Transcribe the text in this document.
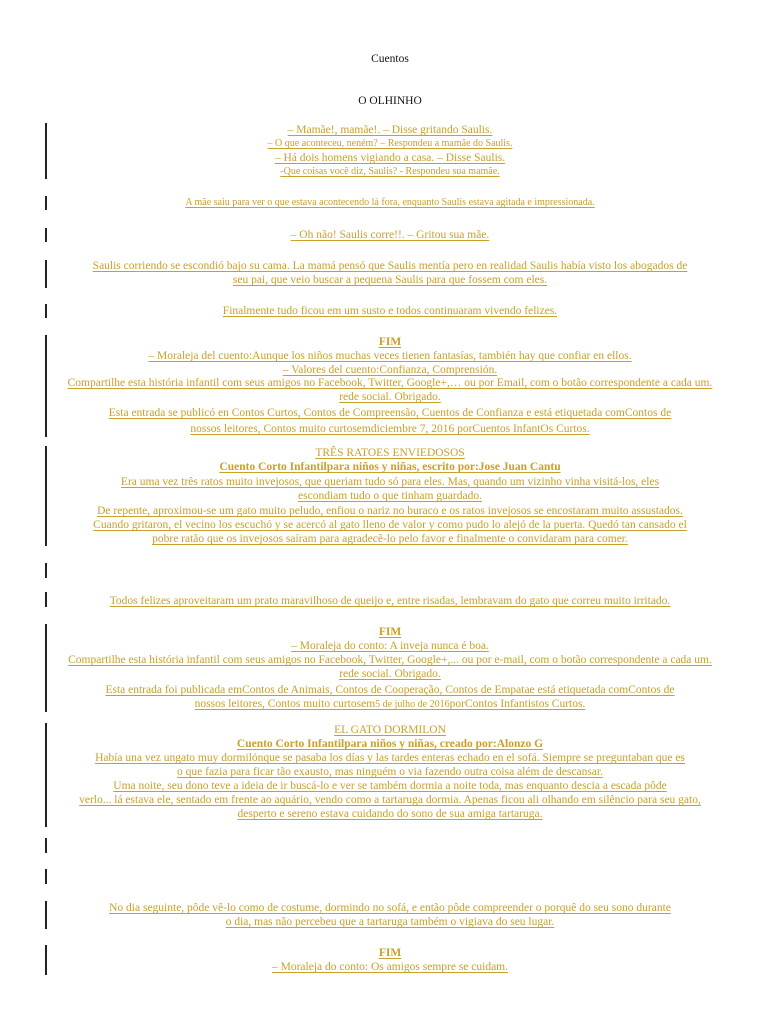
Cuentos
O OLHINHO
– Mamãe!, mamãe!. – Disse gritando Saulis.
– O que aconteceu, neném? – Respondeu a mamãe do Saulis.
– Há dois homens vigiando a casa. – Disse Saulis.
-Que coisas você diz, Saulis? - Respondeu sua mamãe.
A mãe saiu para ver o que estava acontecendo lá fora, enquanto Saulis estava agitada e impressionada.
– Oh não! Saulis corre!!. – Gritou sua mãe.
Saulis corriendo se escondió bajo su cama. La mamá pensó que Saulis mentía pero en realidad Saulis había visto los abogados de
seu pai, que veio buscar a pequena Saulis para que fossem com eles.
Finalmente tudo ficou em um susto e todos continuaram vivendo felizes.
FIM
– Moraleja del cuento:Aunque los niños muchas veces tienen fantasías, también hay que confiar en ellos.
– Valores del cuento:Confianza, Comprensión.
Compartilhe esta história infantil com seus amigos no Facebook, Twitter, Google+,… ou por Email, com o botão correspondente a cada um.
rede social. Obrigado.
Esta entrada se publicó en Contos Curtos, Contos de Compreensão, Cuentos de Confianza e está etiquetada comContos de
nossos leitores, Contos muito curtosemdiciembre 7, 2016 porCuentos InfantOs Curtos.
TRÊS RATOES ENVIEDOSOS
Cuento Corto Infantilpara niños y niñas, escrito por:Jose Juan Cantu
Era uma vez três ratos muito invejosos, que queriam tudo só para eles. Mas, quando um vizinho vinha visitá-los, eles
escondiam tudo o que tinham guardado.
De repente, aproximou-se um gato muito peludo, enfiou o nariz no buraco e os ratos invejosos se encostaram muito assustados.
Cuando gritaron, el vecino los escuchó y se acercó al gato lleno de valor y como pudo lo alejó de la puerta. Quedó tan cansado el
pobre ratão que os invejosos saíram para agradecê-lo pelo favor e finalmente o convidaram para comer.
Todos felizes aproveitaram um prato maravilhoso de queijo e, entre risadas, lembravam do gato que correu muito irritado.
FIM
– Moraleja do conto: A inveja nunca é boa.
Compartilhe esta história infantil com seus amigos no Facebook, Twitter, Google+,... ou por e-mail, com o botão correspondente a cada um.
rede social. Obrigado.
Esta entrada foi publicada emContos de Animais, Contos de Cooperação, Contos de Empatae está etiquetada comContos de
nossos leitores, Contos muito curtosem5 de julho de 2016porContos Infantistos Curtos.
EL GATO DORMILON
Cuento Corto Infantilpara niños y niñas, creado por:Alonzo G
Había una vez ungato muy dormilónque se pasaba los días y las tardes enteras echado en el sofá. Siempre se preguntaban que es
o que fazia para ficar tão exausto, mas ninguém o via fazendo outra coisa além de descansar.
Uma noite, seu dono teve a ideia de ir buscá-lo e ver se também dormia a noite toda, mas enquanto descia a escada pôde
verlo... lá estava ele, sentado em frente ao aquário, vendo como a tartaruga dormia. Apenas ficou ali olhando em silêncio para seu gato,
desperto e sereno estava cuidando do sono de sua amiga tartaruga.
No dia seguinte, pôde vê-lo como de costume, dormindo no sofá, e então pôde compreender o porquê do seu sono durante
o dia, mas não percebeu que a tartaruga também o vigiava do seu lugar.
FIM
– Moraleja do conto: Os amigos sempre se cuidam.
